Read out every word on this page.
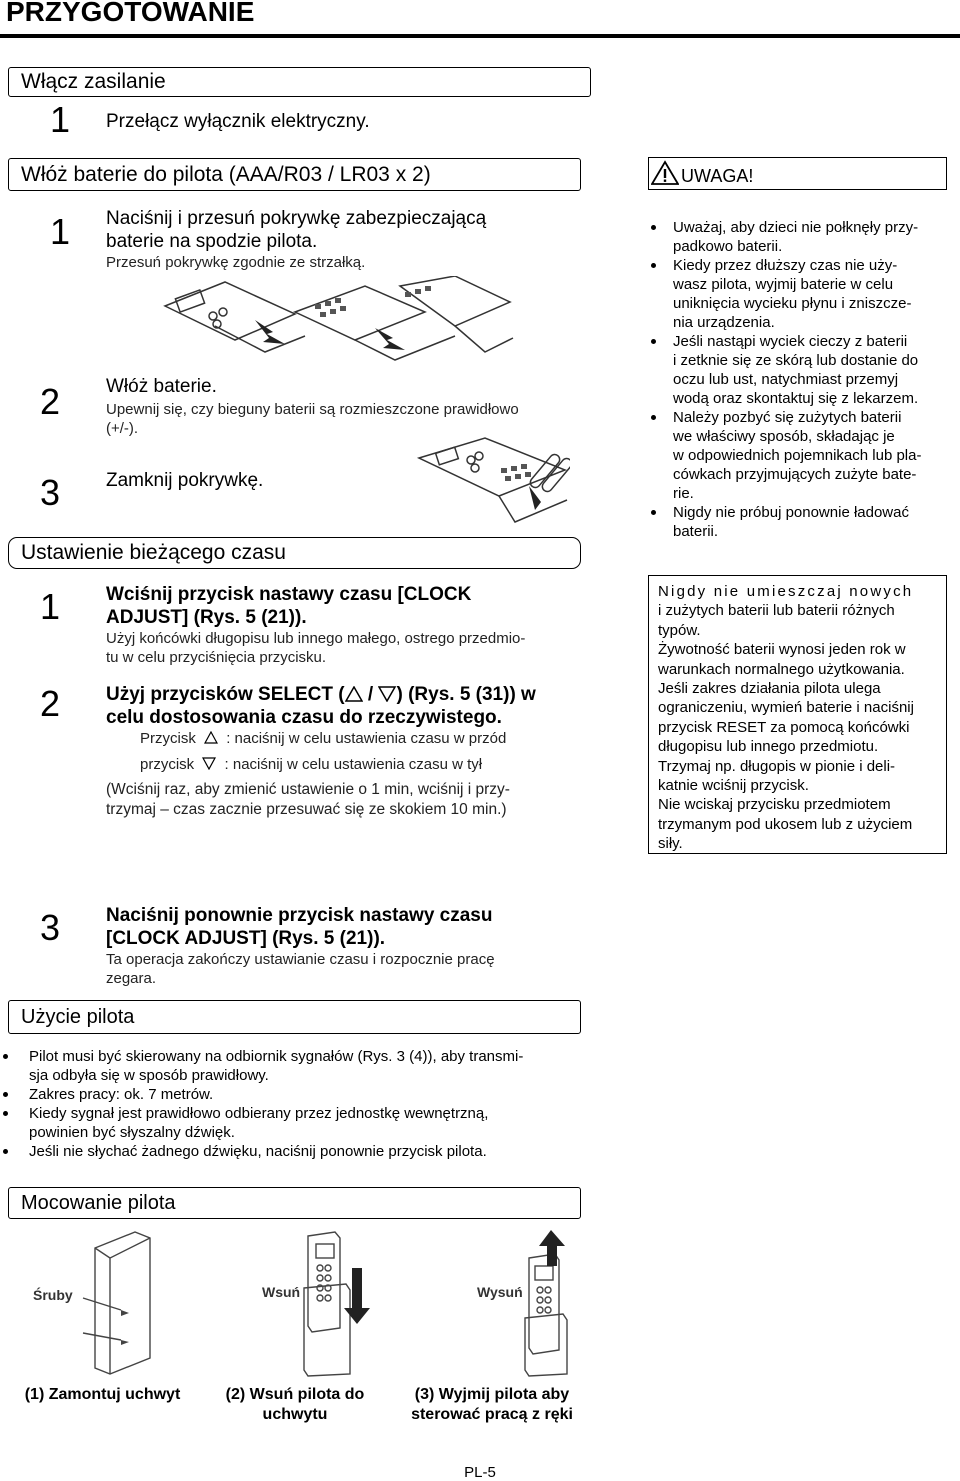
PRZYGOTOWANIE
Włącz zasilanie
1 Przełącz wyłącznik elektryczny.
Włóż baterie do pilota (AAA/R03 / LR03 x 2)
1 Naciśnij i przesuń pokrywkę zabezpieczającą
baterie na spodzie pilota.
Przesuń pokrywkę zgodnie ze strzałką.
2 Włóż baterie.
Upewnij się, czy bieguny baterii są rozmieszczone prawidłowo
(+/-).
3 Zamknij pokrywkę.
Ustawienie bieżącego czasu
1 Wciśnij przycisk nastawy czasu [CLOCK
ADJUST] (Rys. 5 (21)).
Użyj końcówki długopisu lub innego małego, ostrego przedmio-
tu w celu przyciśnięcia przycisku.
2 Użyj przycisków SELECT ( / ) (Rys. 5 (31)) w
celu dostosowania czasu do rzeczywistego.
Przycisk : naciśnij w celu ustawienia czasu w przód
przycisk : naciśnij w celu ustawienia czasu w tył
(Wciśnij raz, aby zmienić ustawienie o 1 min, wciśnij i przy-
trzymaj – czas zacznie przesuwać się ze skokiem 10 min.)
3 Naciśnij ponownie przycisk nastawy czasu
[CLOCK ADJUST] (Rys. 5 (21)).
Ta operacja zakończy ustawianie czasu i rozpocznie pracę
zegara.
UWAGA!
Uważaj, aby dzieci nie połknęły przy-
padkowo baterii.
Kiedy przez dłuższy czas nie uży-
wasz pilota, wyjmij baterie w celu
uniknięcia wycieku płynu i zniszcze-
nia urządzenia.
Jeśli nastąpi wyciek cieczy z baterii
i zetknie się ze skórą lub dostanie do
oczu lub ust, natychmiast przemyj
wodą oraz skontaktuj się z lekarzem.
Należy pozbyć się zużytych baterii
we właściwy sposób, składając je
w odpowiednich pojemnikach lub pla-
cówkach przyjmujących zużyte bate-
rie.
Nigdy nie próbuj ponownie ładować
baterii.
Nigdy nie umieszczaj nowych
i zużytych baterii lub baterii różnych
typów.
Żywotność baterii wynosi jeden rok w
warunkach normalnego użytkowania.
Jeśli zakres działania pilota ulega
ograniczeniu, wymień baterie i naciśnij
przycisk RESET za pomocą końcówki
długopisu lub innego przedmiotu.
Trzymaj np. długopis w pionie i deli-
katnie wciśnij przycisk.
Nie wciskaj przycisku przedmiotem
trzymanym pod ukosem lub z użyciem
siły.
Użycie pilota
Pilot musi być skierowany na odbiornik sygnałów (Rys. 3 (4)), aby transmi-
sja odbyła się w sposób prawidłowy.
Zakres pracy: ok. 7 metrów.
Kiedy sygnał jest prawidłowo odbierany przez jednostkę wewnętrzną,
powinien być słyszalny dźwięk.
Jeśli nie słychać żadnego dźwięku, naciśnij ponownie przycisk pilota.
Mocowanie pilota
Śruby	Wsuń	Wysuń
(1) Zamontuj uchwyt	(2) Wsuń pilota do
uchwytu
(3) Wyjmij pilota aby
sterować pracą z ręki
PL-5
